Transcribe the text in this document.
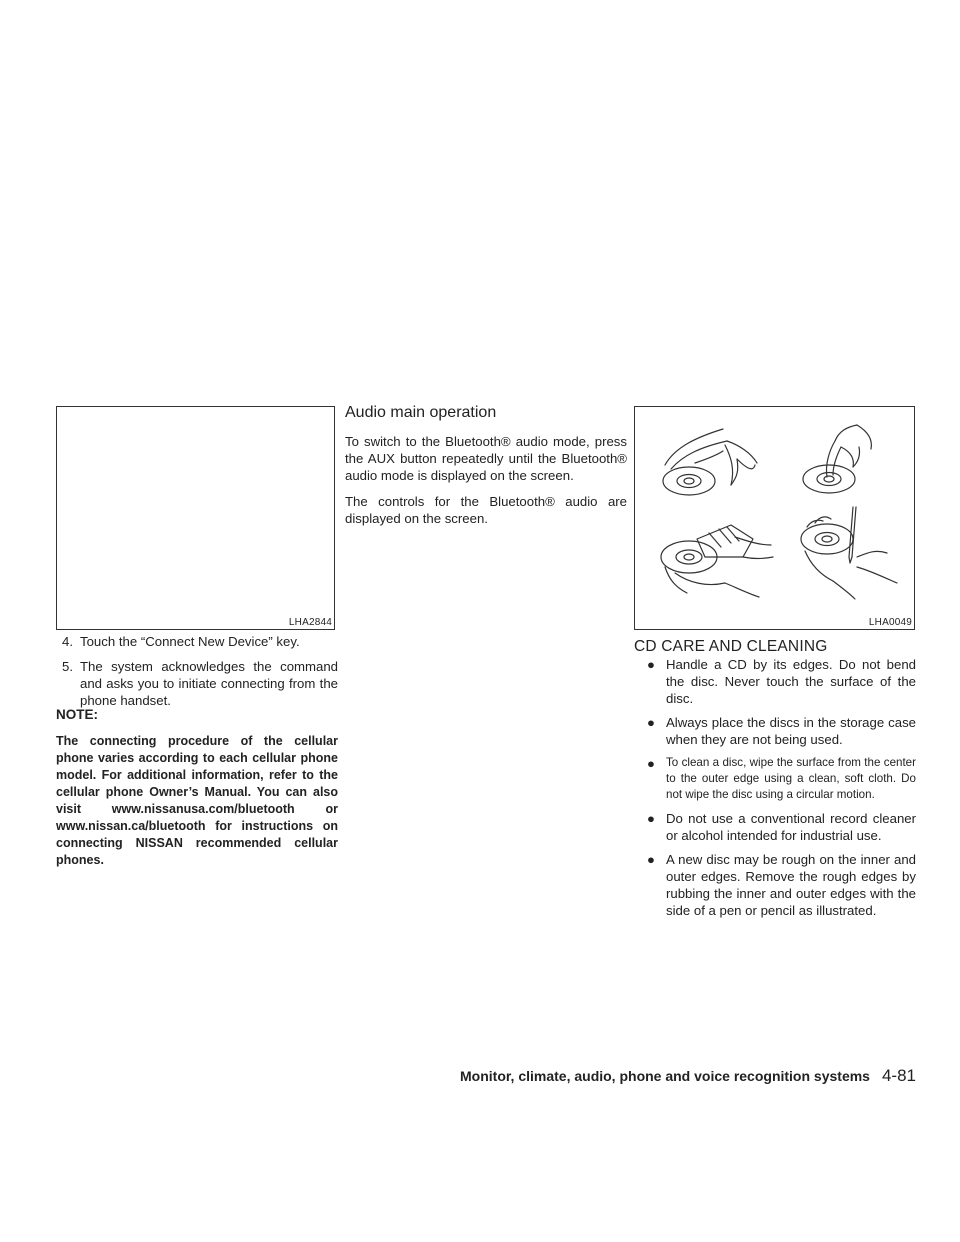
LHA2844
4. Touch the “Connect New Device” key.
5. The system acknowledges the command and asks you to initiate connecting from the phone handset.
NOTE:
The connecting procedure of the cellular phone varies according to each cellular phone model. For additional information, refer to the cellular phone Owner’s Manual. You can also visit www.nissanusa.com/bluetooth or www.nissan.ca/bluetooth for instructions on connecting NISSAN recommended cellular phones.
Audio main operation

To switch to the Bluetooth® audio mode, press the AUX button repeatedly until the Bluetooth® audio mode is displayed on the screen.

The controls for the Bluetooth® audio are displayed on the screen.

LHA0049
CD CARE AND CLEANING
● Handle a CD by its edges. Do not bend the disc. Never touch the surface of the disc.
● Always place the discs in the storage case when they are not being used.
● To clean a disc, wipe the surface from the center to the outer edge using a clean, soft cloth. Do not wipe the disc using a circular motion.
● Do not use a conventional record cleaner or alcohol intended for industrial use.
● A new disc may be rough on the inner and outer edges. Remove the rough edges by rubbing the inner and outer edges with the side of a pen or pencil as illustrated.
Monitor, climate, audio, phone and voice recognition systems 4-81
